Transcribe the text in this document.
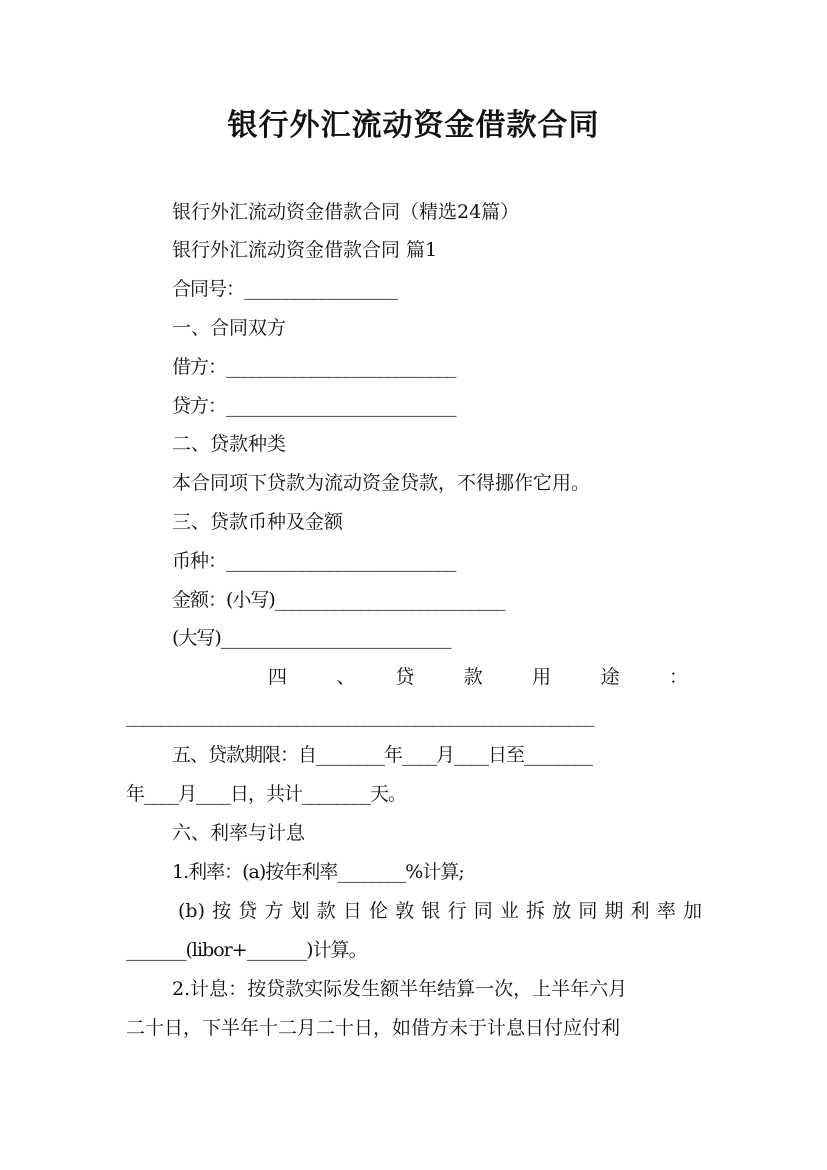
银行外汇流动资金借款合同
银行外汇流动资金借款合同（精选24篇）
银行外汇流动资金借款合同 篇1
合同号：__________________
一、合同双方
借方：___________________________
贷方：___________________________
二、贷款种类
本合同项下贷款为流动资金贷款，不得挪作它用。
三、贷款币种及金额
币种：___________________________
金额：(小写)___________________________
(大写)___________________________
四　　、　　贷　　款　　用　　途　　：
_______________________________________________________
五、贷款期限：自________年____月____日至________
年____月____日，共计________天。
六、利率与计息
1.利率：(a)按年利率________%计算;
(b)按贷方划款日伦敦银行同业拆放同期利率加
_______(libor+_______)计算。
2.计息：按贷款实际发生额半年结算一次，上半年六月
二十日，下半年十二月二十日，如借方未于计息日付应付利
